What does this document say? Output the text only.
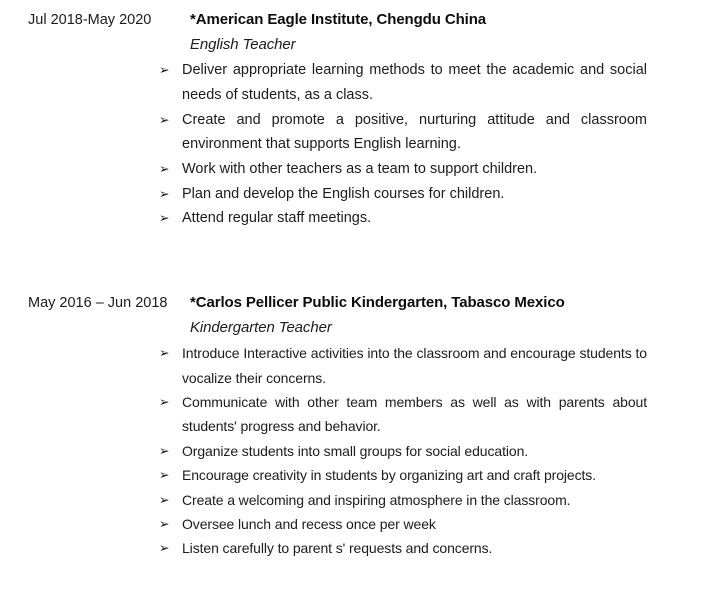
Jul 2018-May 2020	*American Eagle Institute, Chengdu China
English Teacher
➢ Deliver appropriate learning methods to meet the academic and social needs of students, as a class.
➢ Create and promote a positive, nurturing attitude and classroom environment that supports English learning.
➢ Work with other teachers as a team to support children.
➢ Plan and develop the English courses for children.
➢ Attend regular staff meetings.
May 2016 – Jun 2018	*Carlos Pellicer Public Kindergarten, Tabasco Mexico
Kindergarten Teacher
➢ Introduce Interactive activities into the classroom and encourage students to vocalize their concerns.
➢ Communicate with other team members as well as with parents about students' progress and behavior.
➢ Organize students into small groups for social education.
➢ Encourage creativity in students by organizing art and craft projects.
➢ Create a welcoming and inspiring atmosphere in the classroom.
➢ Oversee lunch and recess once per week
➢ Listen carefully to parent s' requests and concerns.
